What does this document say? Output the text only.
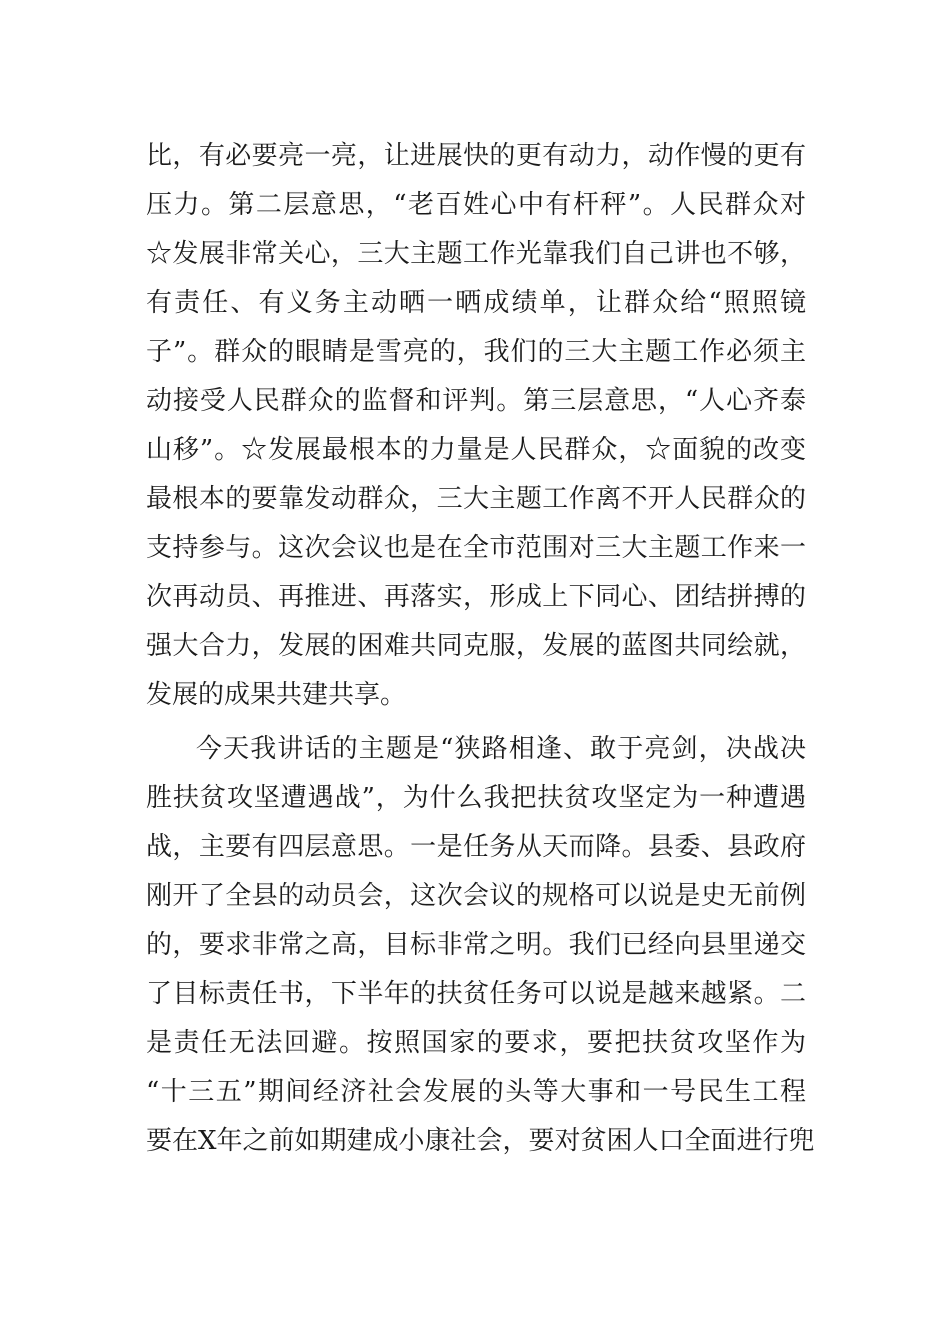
比，有必要亮一亮，让进展快的更有动力，动作慢的更有
压力。第二层意思，“老百姓心中有杆秤”。人民群众对
☆发展非常关心，三大主题工作光靠我们自己讲也不够，
有责任、有义务主动晒一晒成绩单，让群众给“照照镜
子”。群众的眼睛是雪亮的，我们的三大主题工作必须主
动接受人民群众的监督和评判。第三层意思，“人心齐泰
山移”。☆发展最根本的力量是人民群众，☆面貌的改变
最根本的要靠发动群众，三大主题工作离不开人民群众的
支持参与。这次会议也是在全市范围对三大主题工作来一
次再动员、再推进、再落实，形成上下同心、团结拼搏的
强大合力，发展的困难共同克服，发展的蓝图共同绘就，
发展的成果共建共享。
今天我讲话的主题是“狭路相逢、敢于亮剑，决战决
胜扶贫攻坚遭遇战”，为什么我把扶贫攻坚定为一种遭遇
战，主要有四层意思。一是任务从天而降。县委、县政府
刚开了全县的动员会，这次会议的规格可以说是史无前例
的，要求非常之高，目标非常之明。我们已经向县里递交
了目标责任书，下半年的扶贫任务可以说是越来越紧。二
是责任无法回避。按照国家的要求，要把扶贫攻坚作为
“十三五”期间经济社会发展的头等大事和一号民生工程
要在X年之前如期建成小康社会，要对贫困人口全面进行兜
